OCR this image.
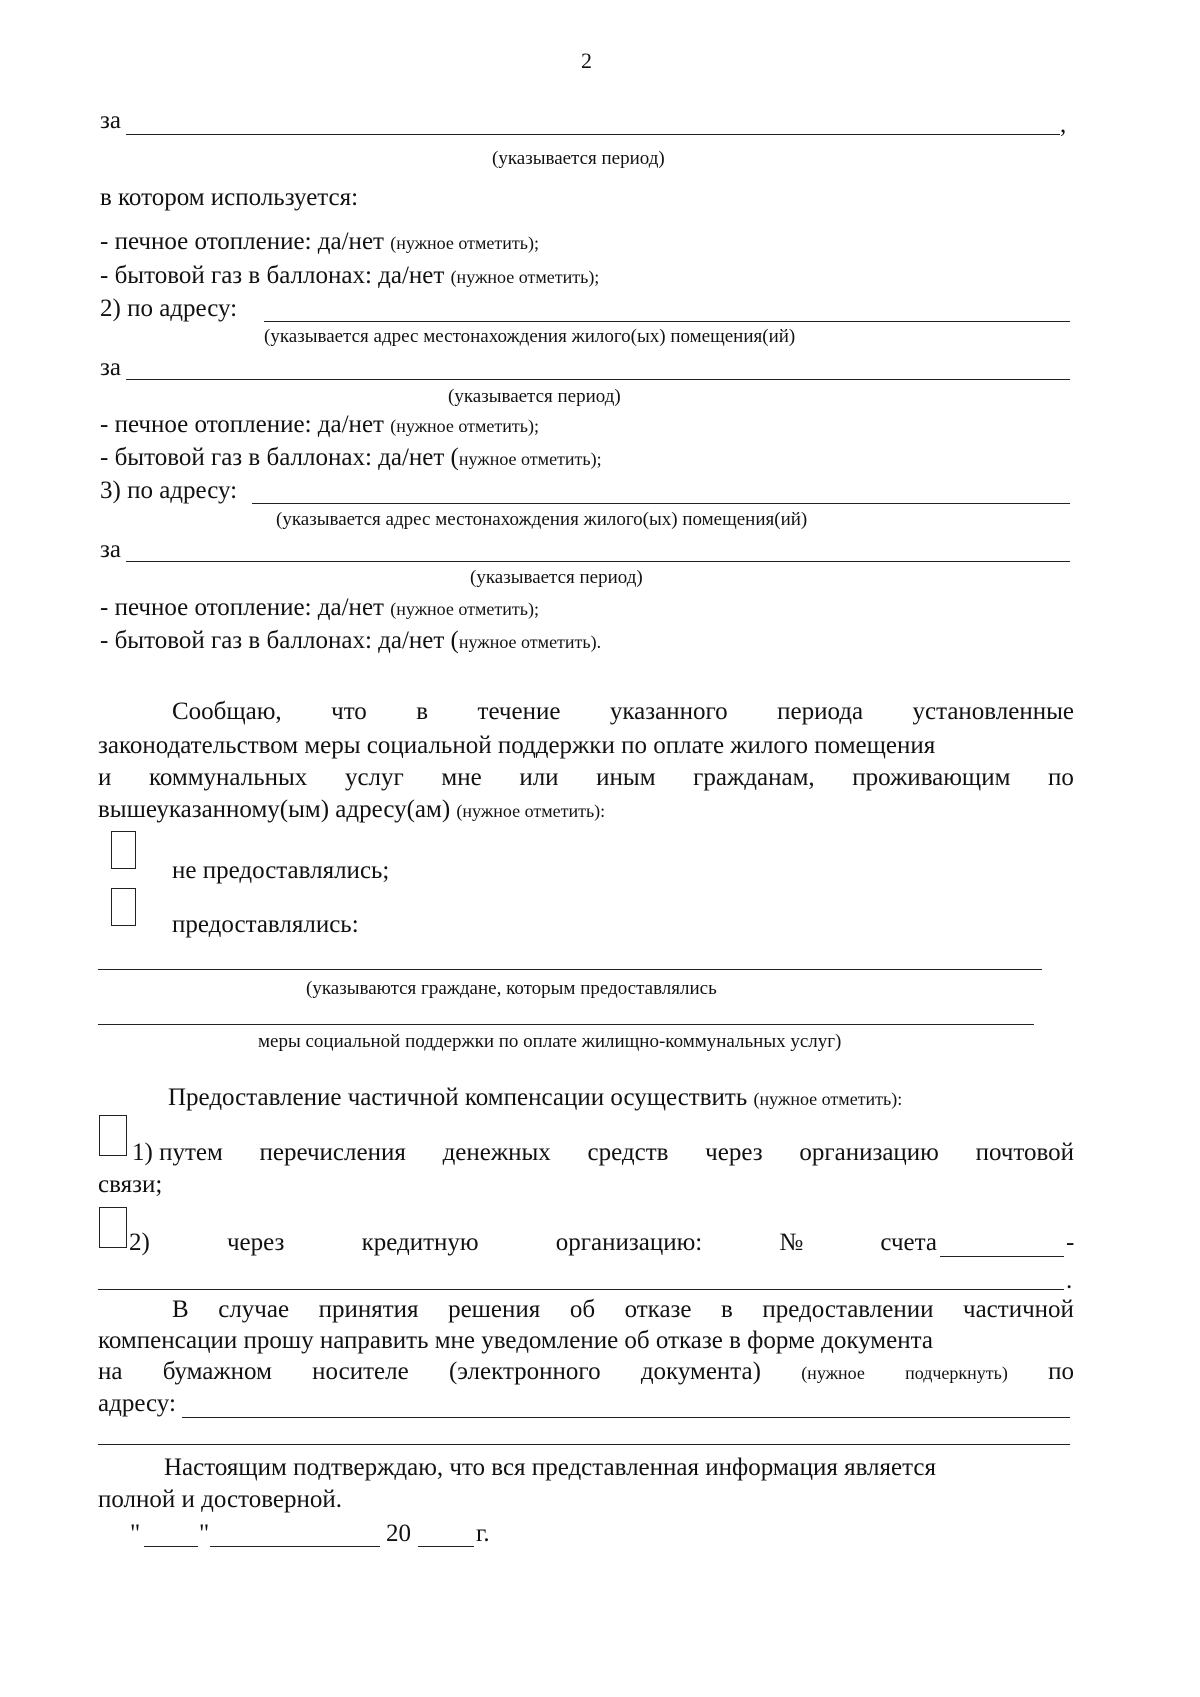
2
за	,
(указывается период)
в котором используется:
- печное отопление: да/нет (нужное отметить);
- бытовой газ в баллонах: да/нет (нужное отметить);
2) по адресу:
(указывается адрес местонахождения жилого(ых) помещения(ий)
за
(указывается период)
- печное отопление: да/нет (нужное отметить);
- бытовой газ в баллонах: да/нет (нужное отметить);
3) по адресу:
(указывается адрес местонахождения жилого(ых) помещения(ий)
за
(указывается период)
- печное отопление: да/нет (нужное отметить);
- бытовой газ в баллонах: да/нет (нужное отметить).
Сообщаю, что в течение указанного периода установленные
законодательством меры социальной поддержки по оплате жилого помещения
и коммунальных услуг мне или иным гражданам, проживающим по
вышеуказанному(ым) адресу(ам) (нужное отметить):
не предоставлялись;
предоставлялись:
(указываются граждане, которым предоставлялись
меры социальной поддержки по оплате жилищно-коммунальных услуг)
Предоставление частичной компенсации осуществить (нужное отметить):
1) путем перечисления денежных средств через организацию почтовой
связи;
2)	через	кредитную	организацию:	№	счета	-
.
В случае принятия решения об отказе в предоставлении частичной
компенсации прошу направить мне уведомление об отказе в форме документа
на бумажном носителе (электронного документа) (нужное подчеркнуть) по
адресу:
Настоящим подтверждаю, что вся представленная информация является
полной и достоверной.
" "	20	г.
